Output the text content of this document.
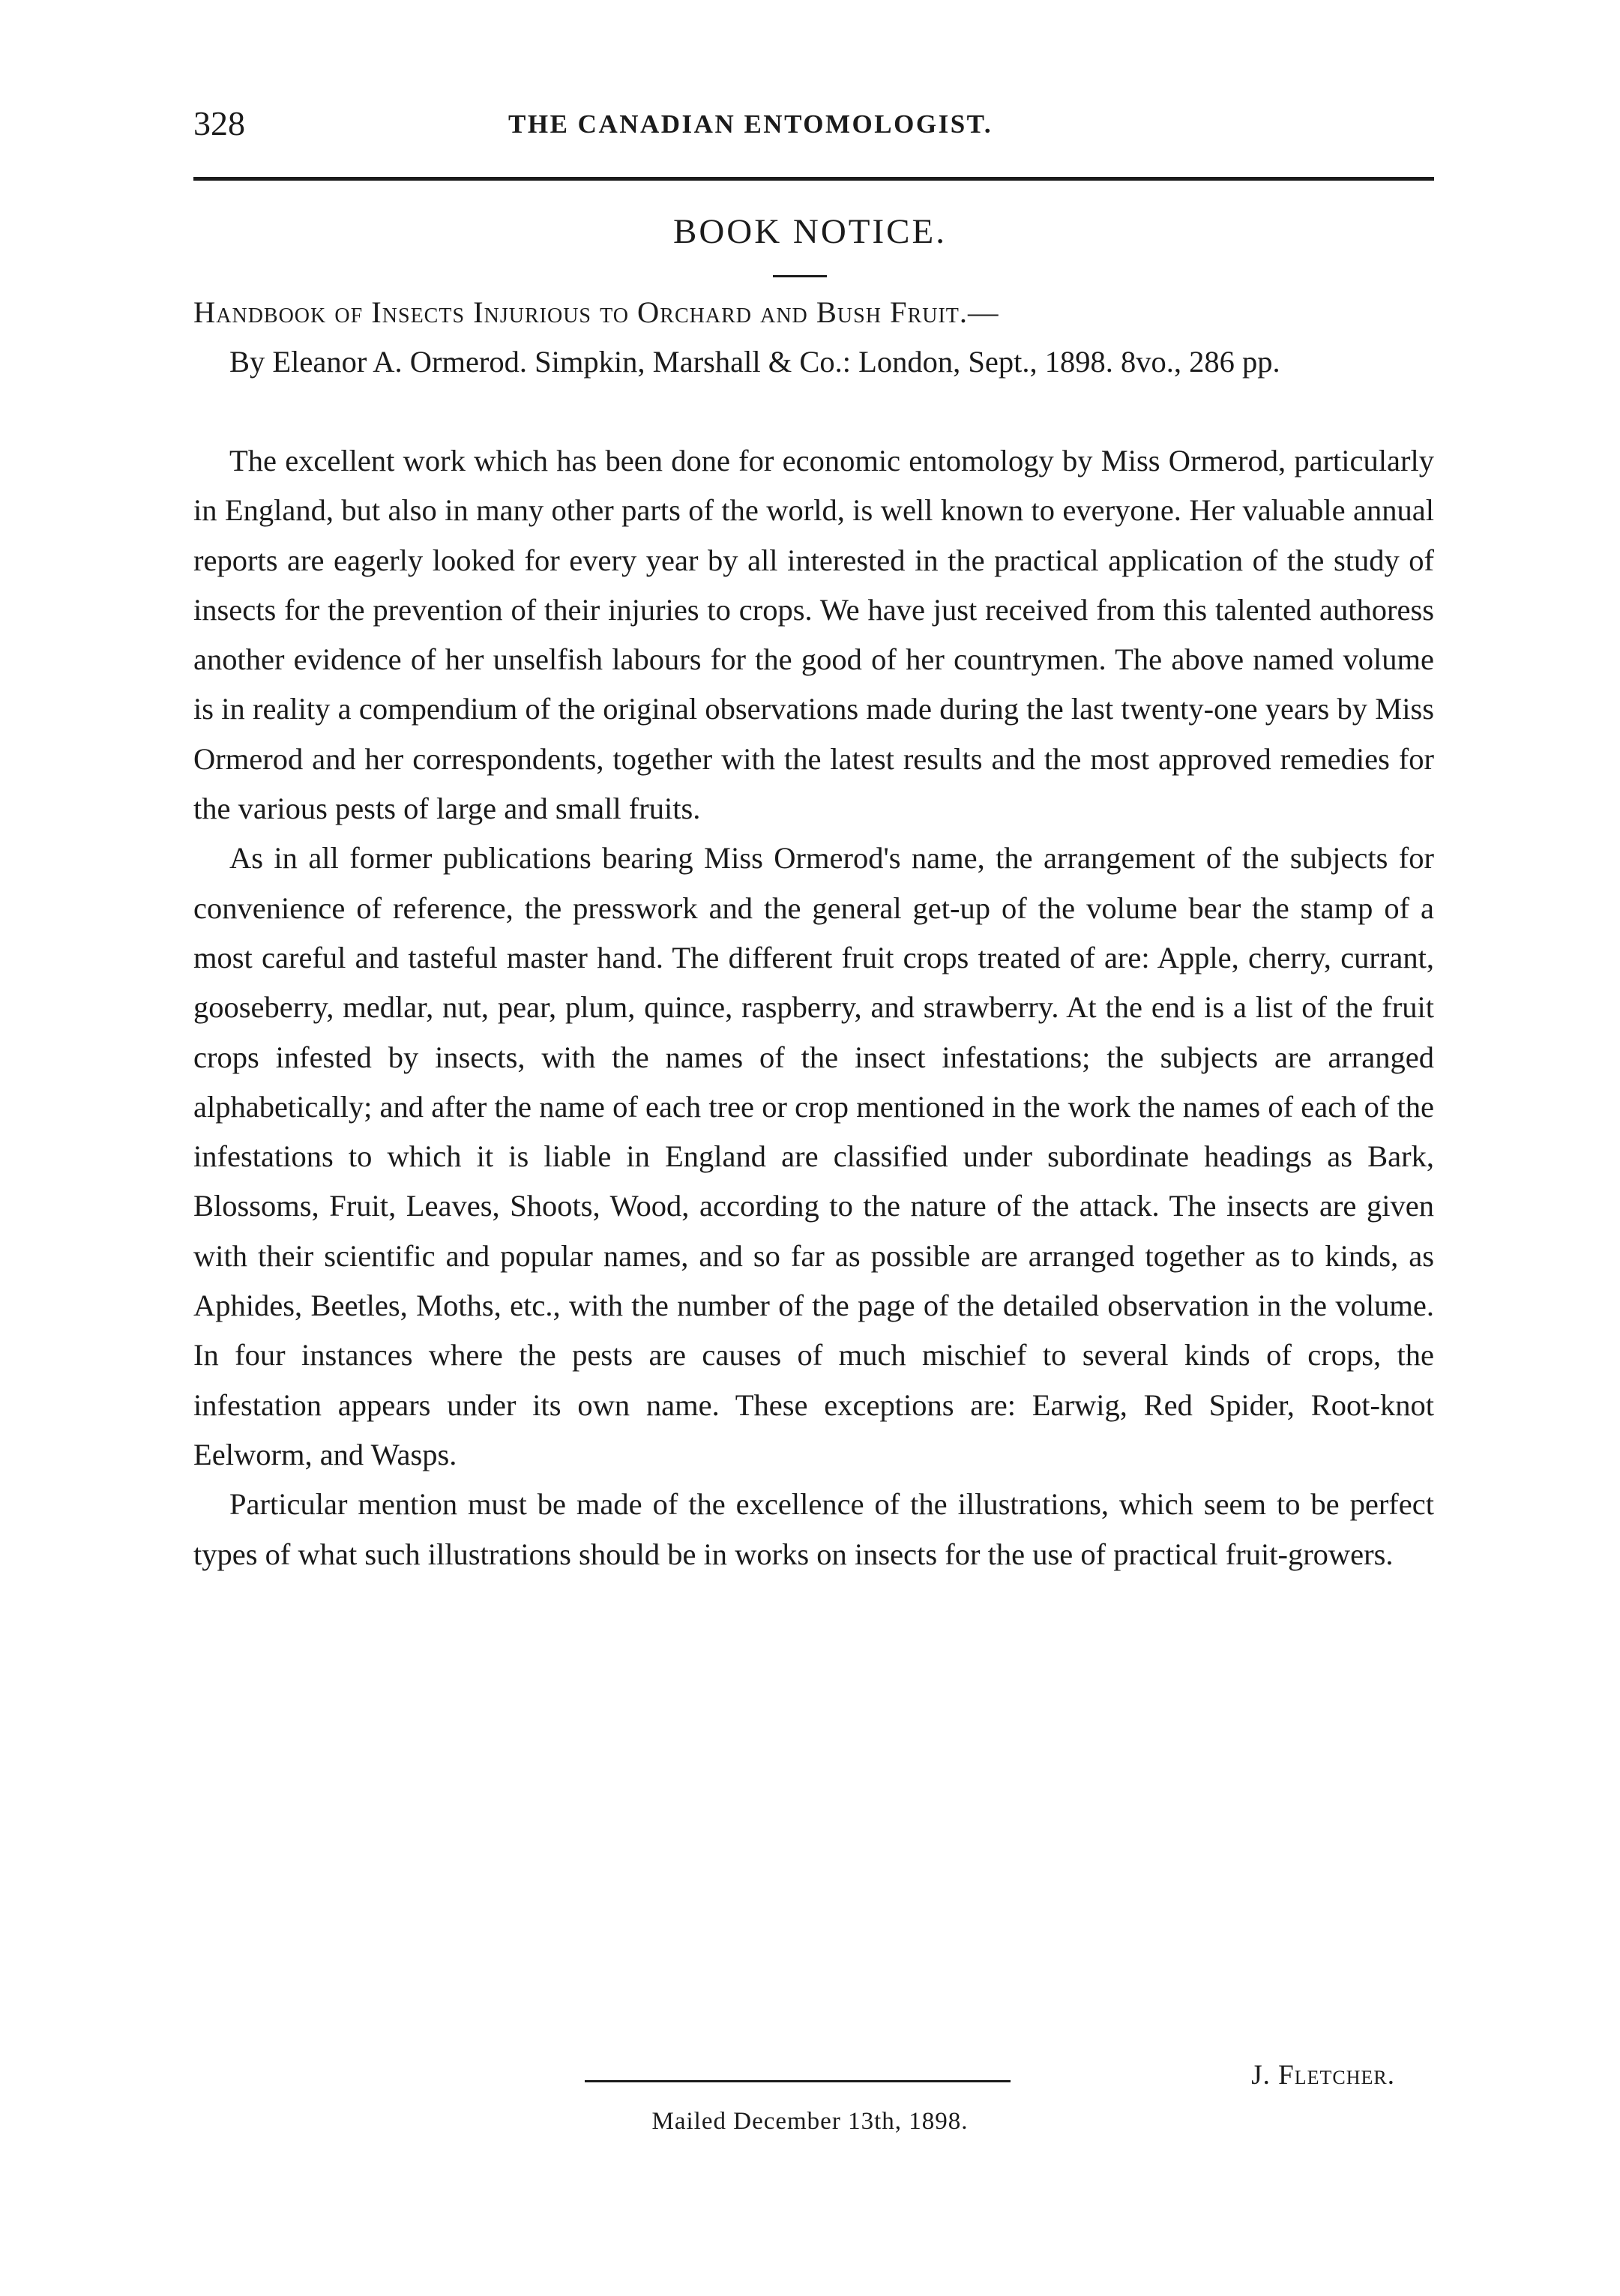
328	THE CANADIAN ENTOMOLOGIST.
BOOK NOTICE.
Handbook of Insects Injurious to Orchard and Bush Fruit.—
By Eleanor A. Ormerod. Simpkin, Marshall & Co.: London, Sept., 1898. 8vo., 286 pp.

The excellent work which has been done for economic entomology by Miss Ormerod, particularly in England, but also in many other parts of the world, is well known to everyone. Her valuable annual reports are eagerly looked for every year by all interested in the practical application of the study of insects for the prevention of their injuries to crops. We have just received from this talented authoress another evidence of her unselfish labours for the good of her countrymen. The above named volume is in reality a compendium of the original observations made during the last twenty-one years by Miss Ormerod and her correspondents, together with the latest results and the most approved remedies for the various pests of large and small fruits.

As in all former publications bearing Miss Ormerod's name, the arrangement of the subjects for convenience of reference, the presswork and the general get-up of the volume bear the stamp of a most careful and tasteful master hand. The different fruit crops treated of are: Apple, cherry, currant, gooseberry, medlar, nut, pear, plum, quince, raspberry, and strawberry. At the end is a list of the fruit crops infested by insects, with the names of the insect infestations; the subjects are arranged alphabetically; and after the name of each tree or crop mentioned in the work the names of each of the infestations to which it is liable in England are classified under subordinate headings as Bark, Blossoms, Fruit, Leaves, Shoots, Wood, according to the nature of the attack. The insects are given with their scientific and popular names, and so far as possible are arranged together as to kinds, as Aphides, Beetles, Moths, etc., with the number of the page of the detailed observation in the volume. In four instances where the pests are causes of much mischief to several kinds of crops, the infestation appears under its own name. These exceptions are: Earwig, Red Spider, Root-knot Eelworm, and Wasps.

Particular mention must be made of the excellence of the illustrations, which seem to be perfect types of what such illustrations should be in works on insects for the use of practical fruit-growers.

J. Fletcher.
Mailed December 13th, 1898.
